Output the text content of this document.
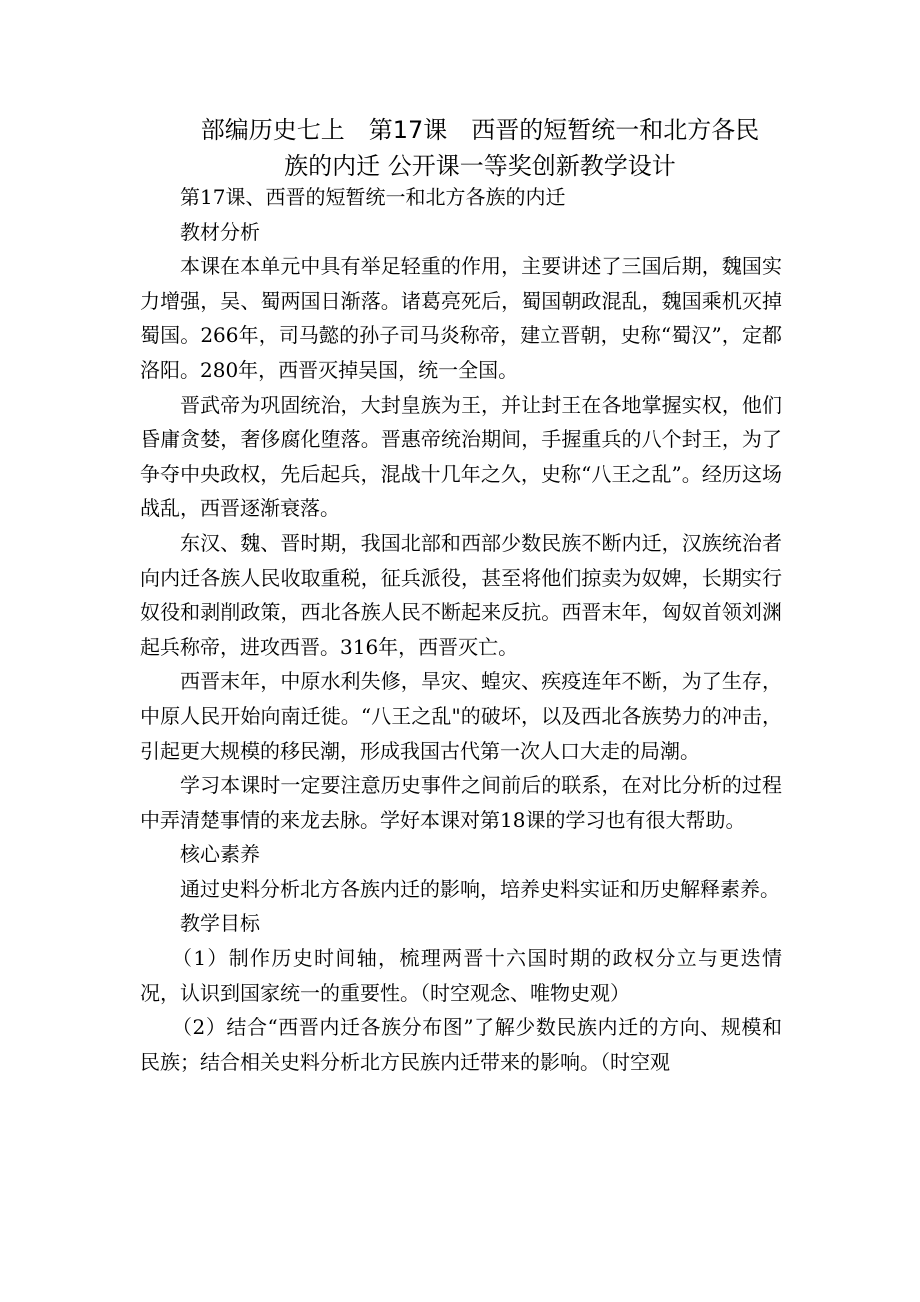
部编历史七上　第17课　西晋的短暂统一和北方各民
族的内迁 公开课一等奖创新教学设计

第17课、西晋的短暂统一和北方各族的内迁

教材分析

本课在本单元中具有举足轻重的作用，主要讲述了三国后期，魏国实力增强，吴、蜀两国日渐落。诸葛亮死后，蜀国朝政混乱，魏国乘机灭掉蜀国。266年，司马懿的孙子司马炎称帝，建立晋朝，史称“蜀汉”，定都洛阳。280年，西晋灭掉吴国，统一全国。

晋武帝为巩固统治，大封皇族为王，并让封王在各地掌握实权，他们昏庸贪婪，奢侈腐化堕落。晋惠帝统治期间，手握重兵的八个封王，为了争夺中央政权，先后起兵，混战十几年之久，史称“八王之乱”。经历这场战乱，西晋逐渐衰落。

东汉、魏、晋时期，我国北部和西部少数民族不断内迁，汉族统治者向内迁各族人民收取重税，征兵派役，甚至将他们掠卖为奴婢，长期实行奴役和剥削政策，西北各族人民不断起来反抗。西晋末年，匈奴首领刘渊起兵称帝，进攻西晋。316年，西晋灭亡。

西晋末年，中原水利失修，旱灾、蝗灾、疾疫连年不断，为了生存，中原人民开始向南迁徙。“八王之乱"的破坏，以及西北各族势力的冲击，引起更大规模的移民潮，形成我国古代第一次人口大走的局潮。

学习本课时一定要注意历史事件之间前后的联系，在对比分析的过程中弄清楚事情的来龙去脉。学好本课对第18课的学习也有很大帮助。

核心素养

通过史料分析北方各族内迁的影响，培养史料实证和历史解释素养。

教学目标

（1）制作历史时间轴，梳理两晋十六国时期的政权分立与更迭情况，认识到国家统一的重要性。（时空观念、唯物史观）

（2）结合“西晋内迁各族分布图”了解少数民族内迁的方向、规模和民族；结合相关史料分析北方民族内迁带来的影响。（时空观
